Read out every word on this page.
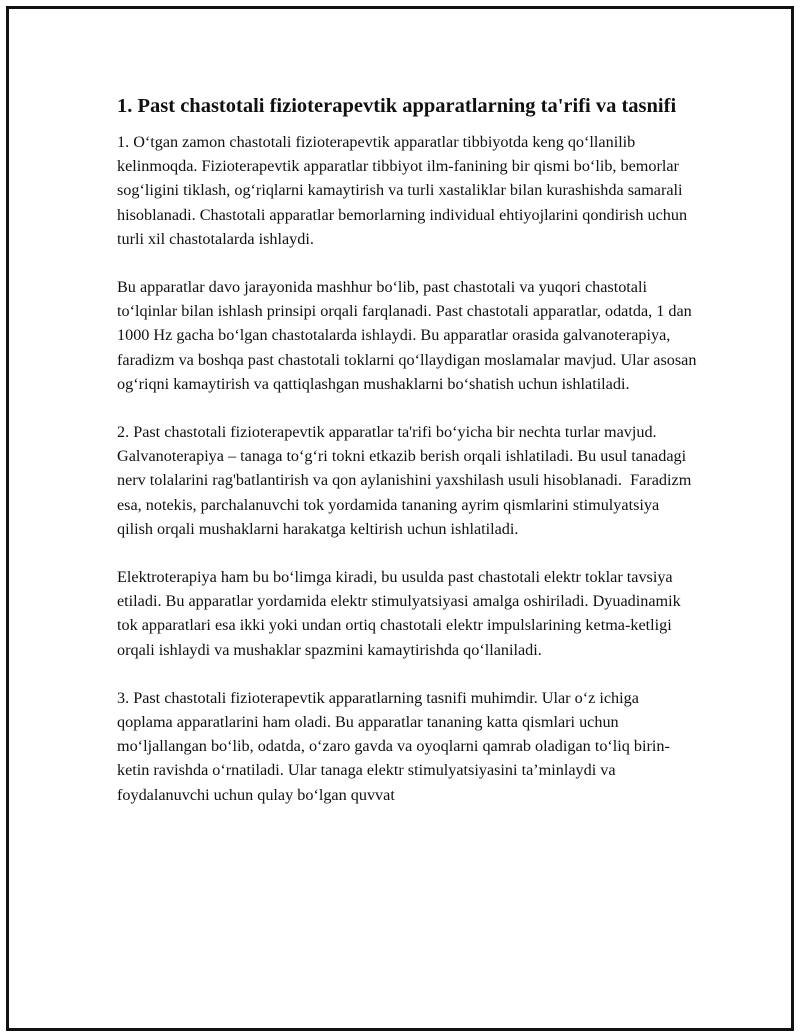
1. Past chastotali fizioterapevtik apparatlarning ta'rifi va tasnifi

1. O‘tgan zamon chastotali fizioterapevtik apparatlar tibbiyotda keng qo‘llanilib kelinmoqda. Fizioterapevtik apparatlar tibbiyot ilm-fanining bir qismi bo‘lib, bemorlar sog‘ligini tiklash, og‘riqlarni kamaytirish va turli xastaliklar bilan kurashishda samarali hisoblanadi. Chastotali apparatlar bemorlarning individual ehtiyojlarini qondirish uchun turli xil chastotalarda ishlaydi.

Bu apparatlar davo jarayonida mashhur bo‘lib, past chastotali va yuqori chastotali to‘lqinlar bilan ishlash prinsipi orqali farqlanadi. Past chastotali apparatlar, odatda, 1 dan 1000 Hz gacha bo‘lgan chastotalarda ishlaydi. Bu apparatlar orasida galvanoterapiya, faradizm va boshqa past chastotali toklarni qo‘llaydigan moslamalar mavjud. Ular asosan og‘riqni kamaytirish va qattiqlashgan mushaklarni bo‘shatish uchun ishlatiladi.

2. Past chastotali fizioterapevtik apparatlar ta'rifi bo‘yicha bir nechta turlar mavjud. Galvanoterapiya – tanaga to‘g‘ri tokni etkazib berish orqali ishlatiladi. Bu usul tanadagi nerv tolalarini rag'batlantirish va qon aylanishini yaxshilash usuli hisoblanadi.  Faradizm esa, notekis, parchalanuvchi tok yordamida tananing ayrim qismlarini stimulyatsiya qilish orqali mushaklarni harakatga keltirish uchun ishlatiladi.

Elektroterapiya ham bu bo‘limga kiradi, bu usulda past chastotali elektr toklar tavsiya etiladi. Bu apparatlar yordamida elektr stimulyatsiyasi amalga oshiriladi. Dyuadinamik tok apparatlari esa ikki yoki undan ortiq chastotali elektr impulslarining ketma-ketligi orqali ishlaydi va mushaklar spazmini kamaytirishda qo‘llaniladi.

3. Past chastotali fizioterapevtik apparatlarning tasnifi muhimdir. Ular o‘z ichiga qoplama apparatlarini ham oladi. Bu apparatlar tananing katta qismlari uchun mo‘ljallangan bo‘lib, odatda, o‘zaro gavda va oyoqlarni qamrab oladigan to‘liq birin-ketin ravishda o‘rnatiladi. Ular tanaga elektr stimulyatsiyasini ta’minlaydi va foydalanuvchi uchun qulay bo‘lgan quvvat
